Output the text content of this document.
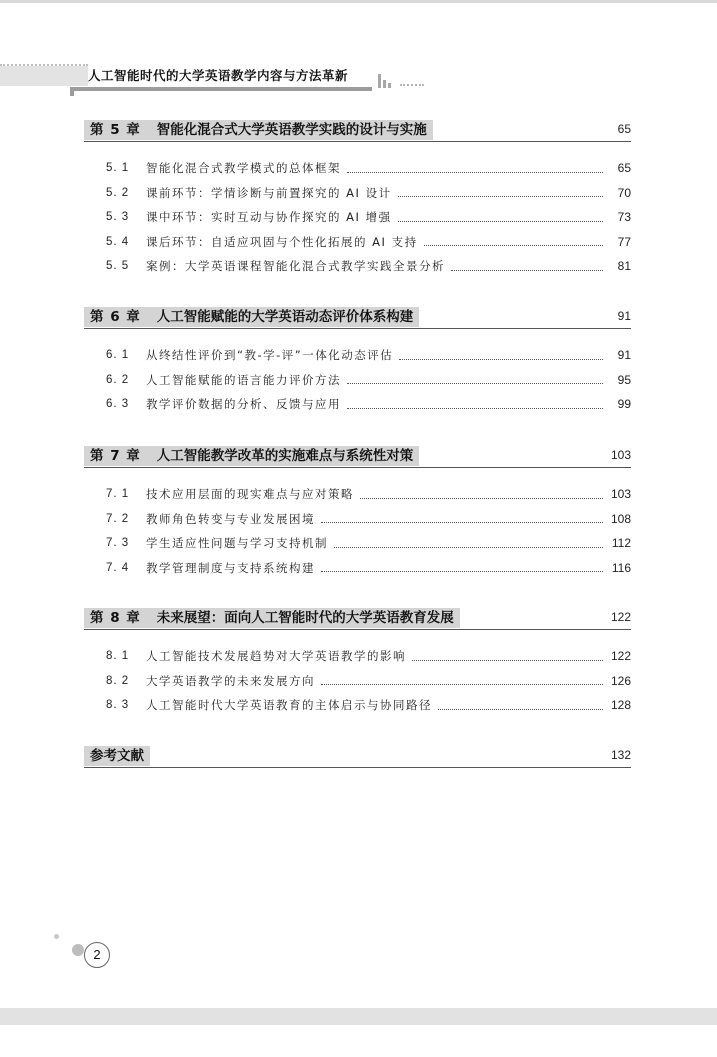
人工智能时代的大学英语教学内容与方法革新
第 5 章 智能化混合式大学英语教学实践的设计与实施	65
5. 1	智能化混合式教学模式的总体框架	65
5. 2	课前环节：学情诊断与前置探究的 AI 设计	70
5. 3	课中环节：实时互动与协作探究的 AI 增强	73
5. 4	课后环节：自适应巩固与个性化拓展的 AI 支持	77
5. 5	案例：大学英语课程智能化混合式教学实践全景分析	81
第 6 章 人工智能赋能的大学英语动态评价体系构建	91
6. 1	从终结性评价到“教-学-评”一体化动态评估	91
6. 2	人工智能赋能的语言能力评价方法	95
6. 3	教学评价数据的分析、反馈与应用	99
第 7 章 人工智能教学改革的实施难点与系统性对策	103
7. 1	技术应用层面的现实难点与应对策略	103
7. 2	教师角色转变与专业发展困境	108
7. 3	学生适应性问题与学习支持机制	112
7. 4	教学管理制度与支持系统构建	116
第 8 章 未来展望：面向人工智能时代的大学英语教育发展	122
8. 1	人工智能技术发展趋势对大学英语教学的影响	122
8. 2	大学英语教学的未来发展方向	126
8. 3	人工智能时代大学英语教育的主体启示与协同路径	128
参考文献	132
2
